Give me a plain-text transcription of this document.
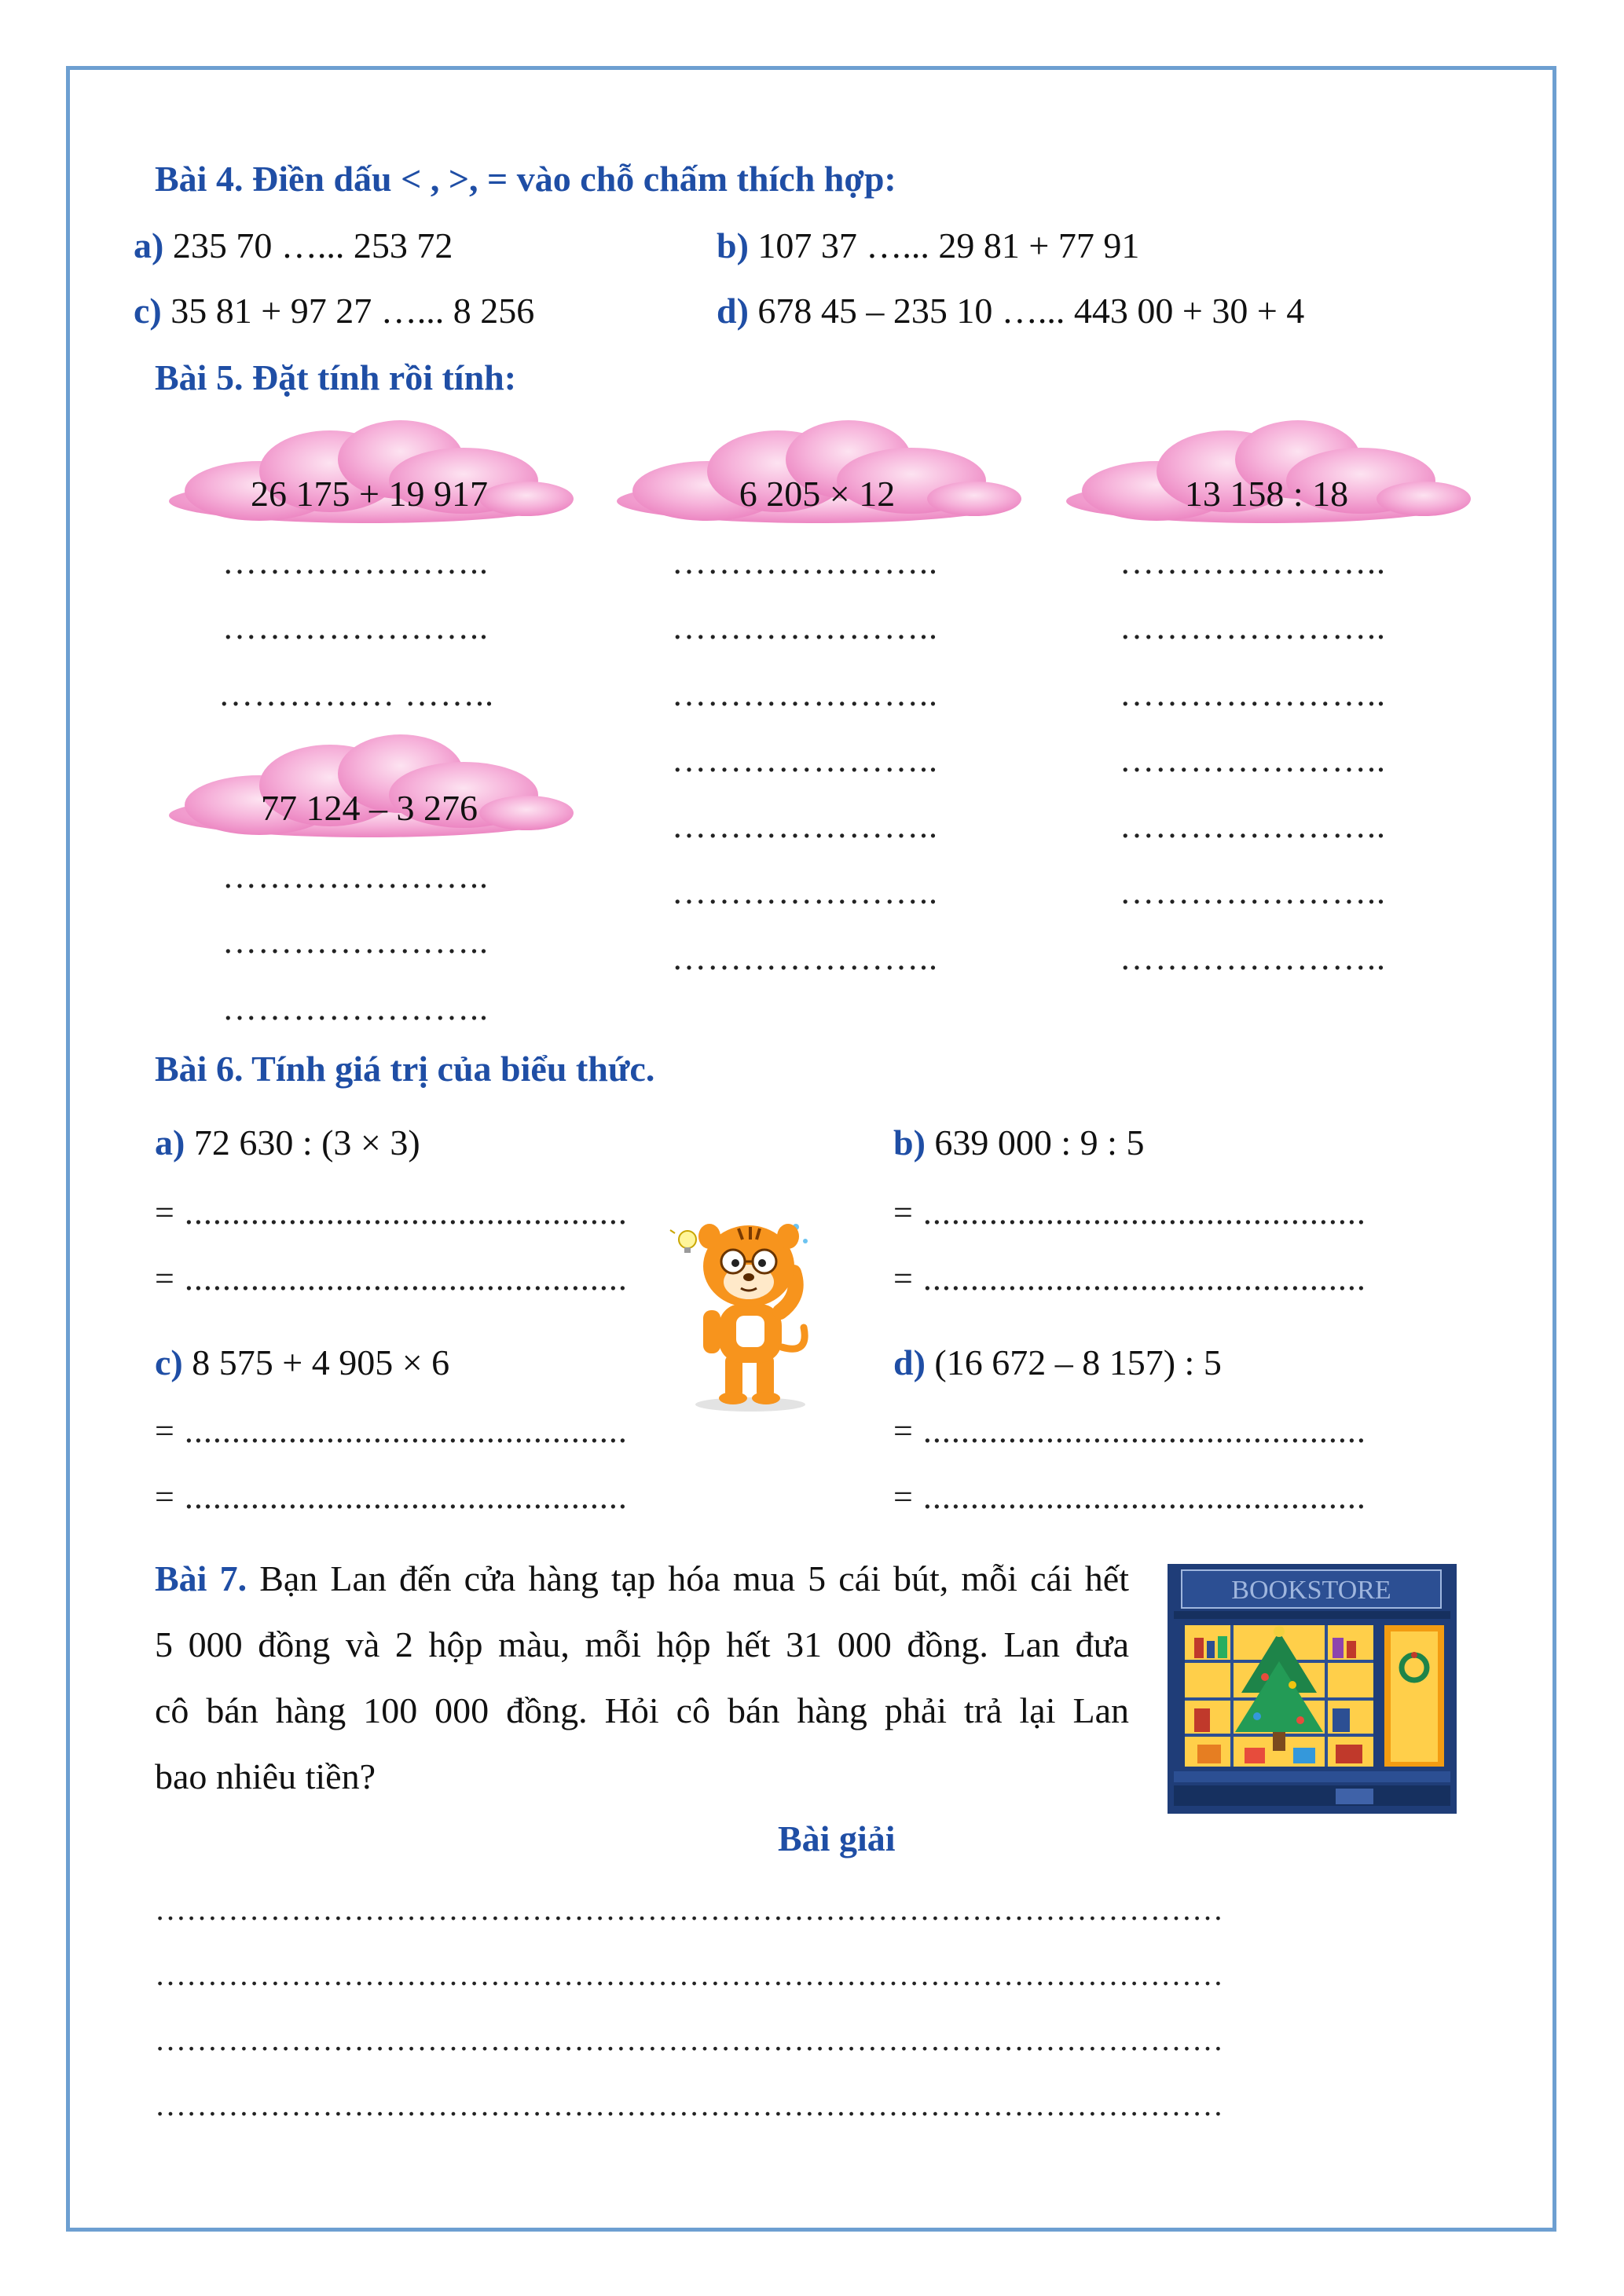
Bài 4. Điền dấu < , >, = vào chỗ chấm thích hợp:
a) 235 70 …... 253 72	b) 107 37 …... 29 81 + 77 91
c) 35 81 + 97 27 …... 8 256	d) 678 45 – 235 10 …... 443 00 + 30 + 4
Bài 5. Đặt tính rồi tính:
26 175 + 19 917	6 205 × 12	13 158 : 18
77 124 – 3 276
…………………..
…………………..
…………… ……..
…………………..
…………………..
…………………..
…………………..
…………………..
…………………..
…………………..
…………………..
…………………..
…………………..
…………………..
…………………..
…………………..
…………………..
…………………..
…………………..
…………………..
Bài 6. Tính giá trị của biểu thức.
a) 72 630 : (3 × 3)	b) 639 000 : 9 : 5
= ...............................................
= ...............................................
= ...............................................
= ...............................................
c) 8 575 + 4 905 × 6	d) (16 672 – 8 157) : 5
= ...............................................
= ...............................................
= ...............................................
= ...............................................
Bài 7. Bạn Lan đến cửa hàng tạp hóa mua 5 cái bút, mỗi cái hết
5 000 đồng và 2 hộp màu, mỗi hộp hết 31 000 đồng. Lan đưa
cô bán hàng 100 000 đồng. Hỏi cô bán hàng phải trả lại Lan
bao nhiêu tiền?
BOOKSTORE
Bài giải
…………………………………………………………………………………………
…………………………………………………………………………………………
…………………………………………………………………………………………
…………………………………………………………………………………………
